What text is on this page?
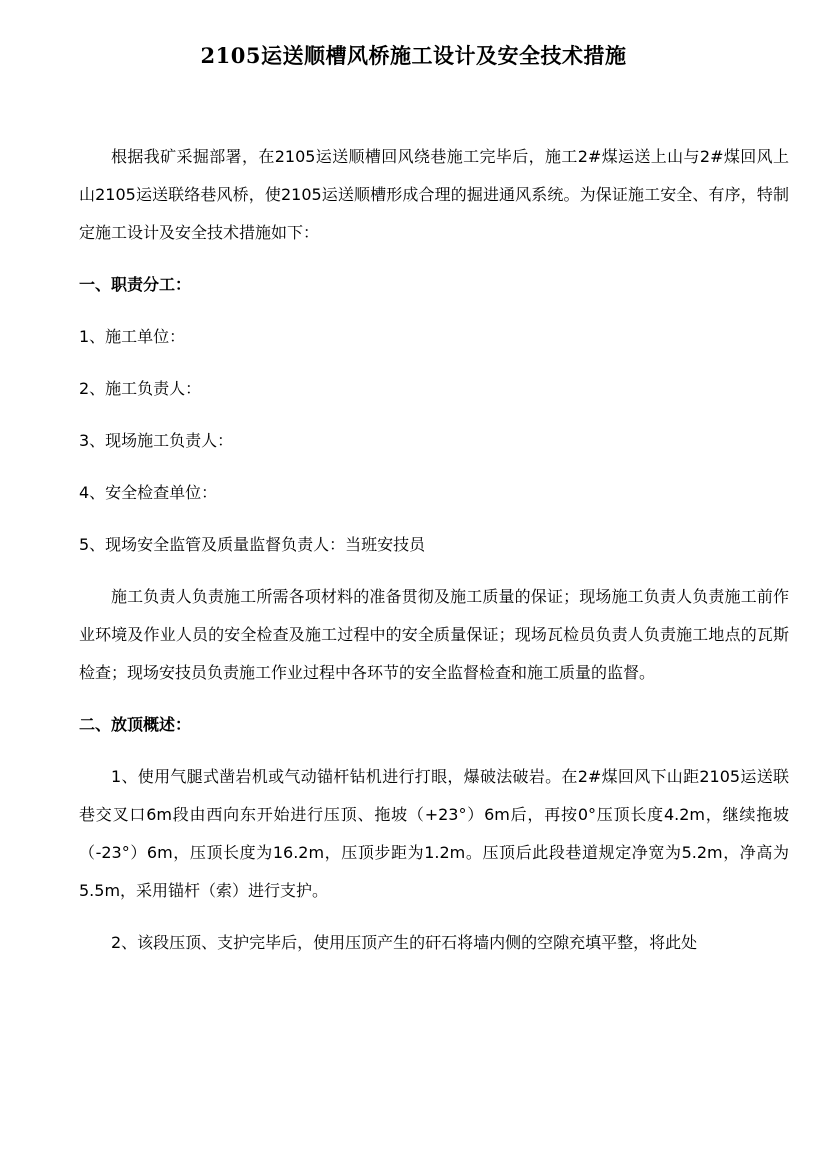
2105运送顺槽风桥施工设计及安全技术措施

根据我矿采掘部署，在2105运送顺槽回风绕巷施工完毕后，施工2#煤运送上山与2#煤回风上山2105运送联络巷风桥，使2105运送顺槽形成合理的掘进通风系统。为保证施工安全、有序，特制定施工设计及安全技术措施如下：

一、职责分工：

1、施工单位：

2、施工负责人：

3、现场施工负责人：

4、安全检查单位：

5、现场安全监管及质量监督负责人：当班安技员

施工负责人负责施工所需各项材料的准备贯彻及施工质量的保证；现场施工负责人负责施工前作业环境及作业人员的安全检查及施工过程中的安全质量保证；现场瓦检员负责人负责施工地点的瓦斯检查；现场安技员负责施工作业过程中各环节的安全监督检查和施工质量的监督。

二、放顶概述：

1、使用气腿式凿岩机或气动锚杆钻机进行打眼，爆破法破岩。在2#煤回风下山距2105运送联巷交叉口6m段由西向东开始进行压顶、拖坡（+23°）6m后，再按0°压顶长度4.2m，继续拖坡（-23°）6m，压顶长度为16.2m，压顶步距为1.2m。压顶后此段巷道规定净宽为5.2m，净高为5.5m，采用锚杆（索）进行支护。

2、该段压顶、支护完毕后，使用压顶产生的矸石将墙内侧的空隙充填平整，将此处
